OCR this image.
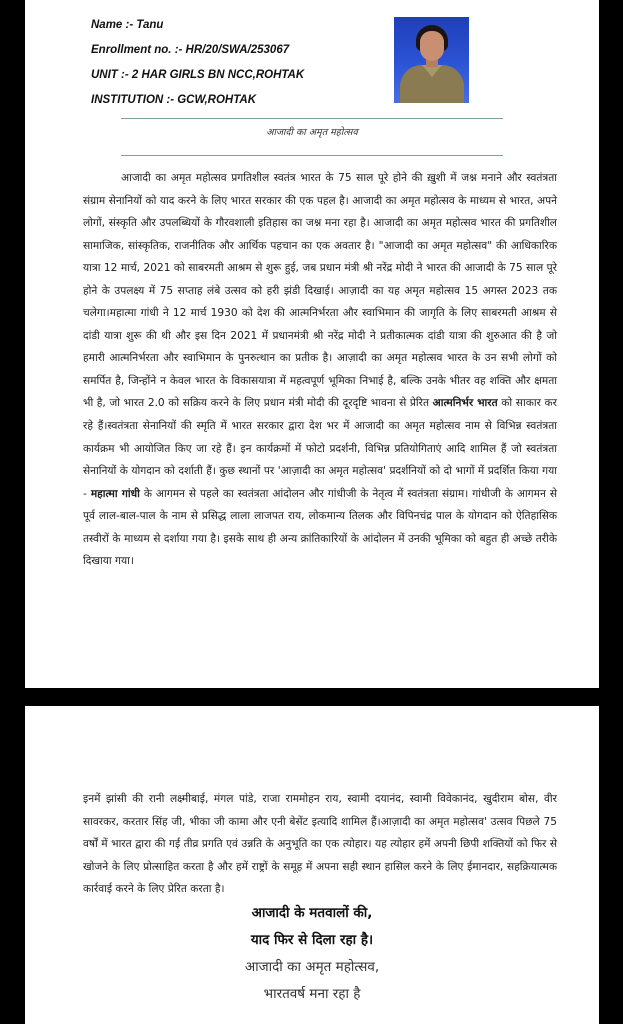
Name :- Tanu
Enrollment no. :- HR/20/SWA/253067
UNIT :- 2 HAR GIRLS BN NCC,ROHTAK
INSTITUTION :- GCW,ROHTAK
आजादी का अमृत महोत्सव
आजादी का अमृत महोत्सव प्रगतिशील स्वतंत्र भारत के 75 साल पूरे होने की ख़ुशी में जश्न मनाने और स्वतंत्रता संग्राम सेनानियों को याद करने के लिए भारत सरकार की एक पहल है। आजादी का अमृत महोत्सव के माध्यम से भारत, अपने लोगों, संस्कृति और उपलब्धियों के गौरवशाली इतिहास का जश्न मना रहा है। आजादी का अमृत महोत्सव भारत की प्रगतिशील सामाजिक, सांस्कृतिक, राजनीतिक और आर्थिक पहचान का एक अवतार है। "आजादी का अमृत महोत्सव" की आधिकारिक यात्रा 12 मार्च, 2021 को साबरमती आश्रम से शुरू हुई, जब प्रधान मंत्री श्री नरेंद्र मोदी ने भारत की आजादी के 75 साल पूरे होने के उपलक्ष्य में 75 सप्ताह लंबे उत्सव को हरी झंडी दिखाई। आज़ादी का यह अमृत महोत्सव 15 अगस्त 2023 तक चलेगा।महात्मा गांधी ने 12 मार्च 1930 को देश की आत्मनिर्भरता और स्वाभिमान की जागृति के लिए साबरमती आश्रम से दांडी यात्रा शुरू की थी और इस दिन 2021 में प्रधानमंत्री श्री नरेंद्र मोदी ने प्रतीकात्मक दांडी यात्रा की शुरुआत की है जो हमारी आत्मनिर्भरता और स्वाभिमान के पुनरुत्थान का प्रतीक है। आज़ादी का अमृत महोत्सव भारत के उन सभी लोगों को समर्पित है, जिन्होंने न केवल भारत के विकासयात्रा में महत्वपूर्ण भूमिका निभाई है, बल्कि उनके भीतर वह शक्ति और क्षमता भी है, जो भारत 2.0 को सक्रिय करने के लिए प्रधान मंत्री मोदी की दूरदृष्टि भावना से प्रेरित आत्मनिर्भर भारत को साकार कर रहे हैं।स्वतंत्रता सेनानियों की स्मृति में भारत सरकार द्वारा देश भर में आजादी का अमृत महोत्सव नाम से विभिन्न स्वतंत्रता कार्यक्रम भी आयोजित किए जा रहे हैं। इन कार्यक्रमों में फोटो प्रदर्शनी, विभिन्न प्रतियोगिताएं आदि शामिल हैं जो स्वतंत्रता सेनानियों के योगदान को दर्शाती हैं। कुछ स्थानों पर 'आज़ादी का अमृत महोत्सव' प्रदर्शनियों को दो भागों में प्रदर्शित किया गया - महात्मा गांधी के आगमन से पहले का स्वतंत्रता आंदोलन और गांधीजी के नेतृत्व में स्वतंत्रता संग्राम। गांधीजी के आगमन से पूर्व लाल-बाल-पाल के नाम से प्रसिद्ध लाला लाजपत राय, लोकमान्य तिलक और विपिनचंद्र पाल के योगदान को ऐतिहासिक तस्वीरों के माध्यम से दर्शाया गया है। इसके साथ ही अन्य क्रांतिकारियों के आंदोलन में उनकी भूमिका को बहुत ही अच्छे तरीके दिखाया गया।
इनमें झांसी की रानी लक्ष्मीबाई, मंगल पांडे, राजा राममोहन राय, स्वामी दयानंद, स्वामी विवेकानंद, खुदीराम बोस, वीर सावरकर, करतार सिंह जी, भीका जी कामा और एनी बेसेंट इत्यादि शामिल हैं।आज़ादी का अमृत महोत्सव' उत्सव पिछले 75 वर्षों में भारत द्वारा की गई तीव्र प्रगति एवं उन्नति के अनुभूति का एक त्योहार। यह त्योहार हमें अपनी छिपी शक्तियों को फिर से खोजने के लिए प्रोत्साहित करता है और हमें राष्ट्रों के समूह में अपना सही स्थान हासिल करने के लिए ईमानदार, सहक्रियात्मक कार्रवाई करने के लिए प्रेरित करता है।
आजादी के मतवालों की,
याद फिर से दिला रहा है।
आजादी का अमृत महोत्सव,
भारतवर्ष मना रहा है
